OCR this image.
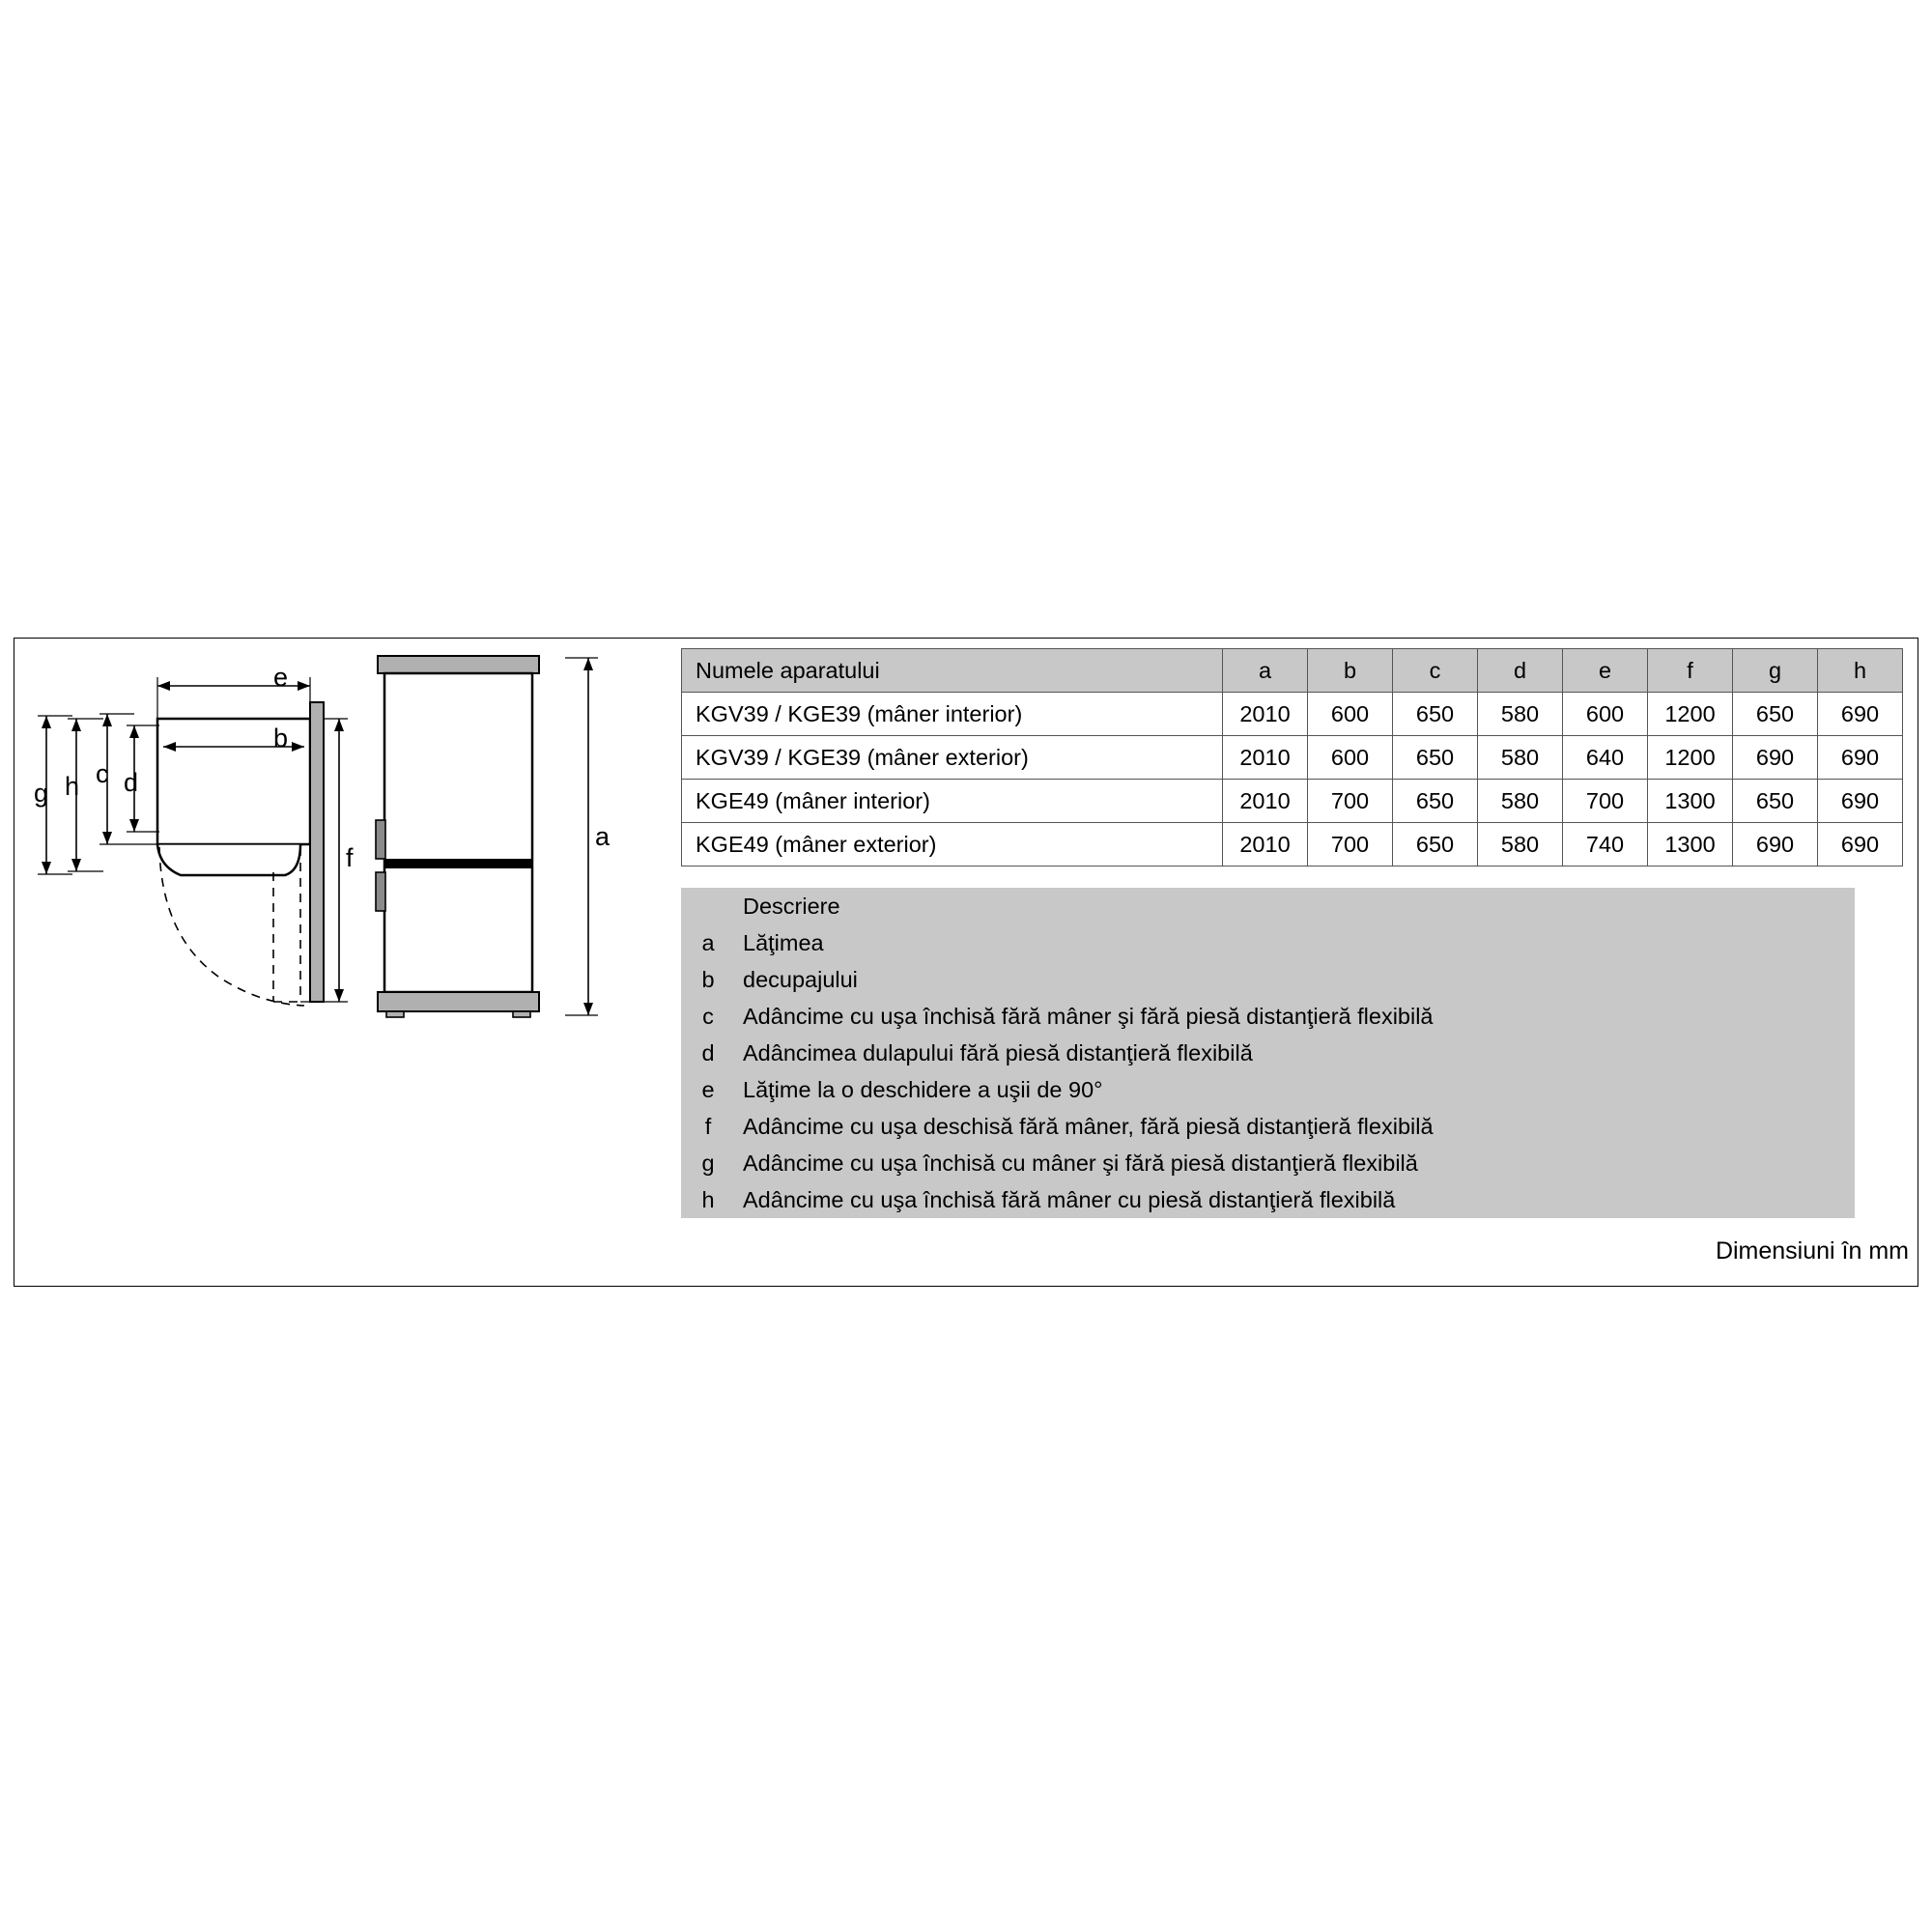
e
b
g h c d
f
a
Numele aparatului	a	b	c	d	e	f	g	h
KGV39 / KGE39 (mâner interior)	2010	600	650	580	600	1200	650	690
KGV39 / KGE39 (mâner exterior)	2010	600	650	580	640	1200	690	690
KGE49 (mâner interior)	2010	700	650	580	700	1300	650	690
KGE49 (mâner exterior)	2010	700	650	580	740	1300	690	690
	Descriere
a	Lăţimea
b	decupajului
c	Adâncime cu uşa închisă fără mâner şi fără piesă distanţieră flexibilă
d	Adâncimea dulapului fără piesă distanţieră flexibilă
e	Lăţime la o deschidere a uşii de 90°
f	Adâncime cu uşa deschisă fără mâner, fără piesă distanţieră flexibilă
g	Adâncime cu uşa închisă cu mâner şi fără piesă distanţieră flexibilă
h	Adâncime cu uşa închisă fără mâner cu piesă distanţieră flexibilă
Dimensiuni în mm
